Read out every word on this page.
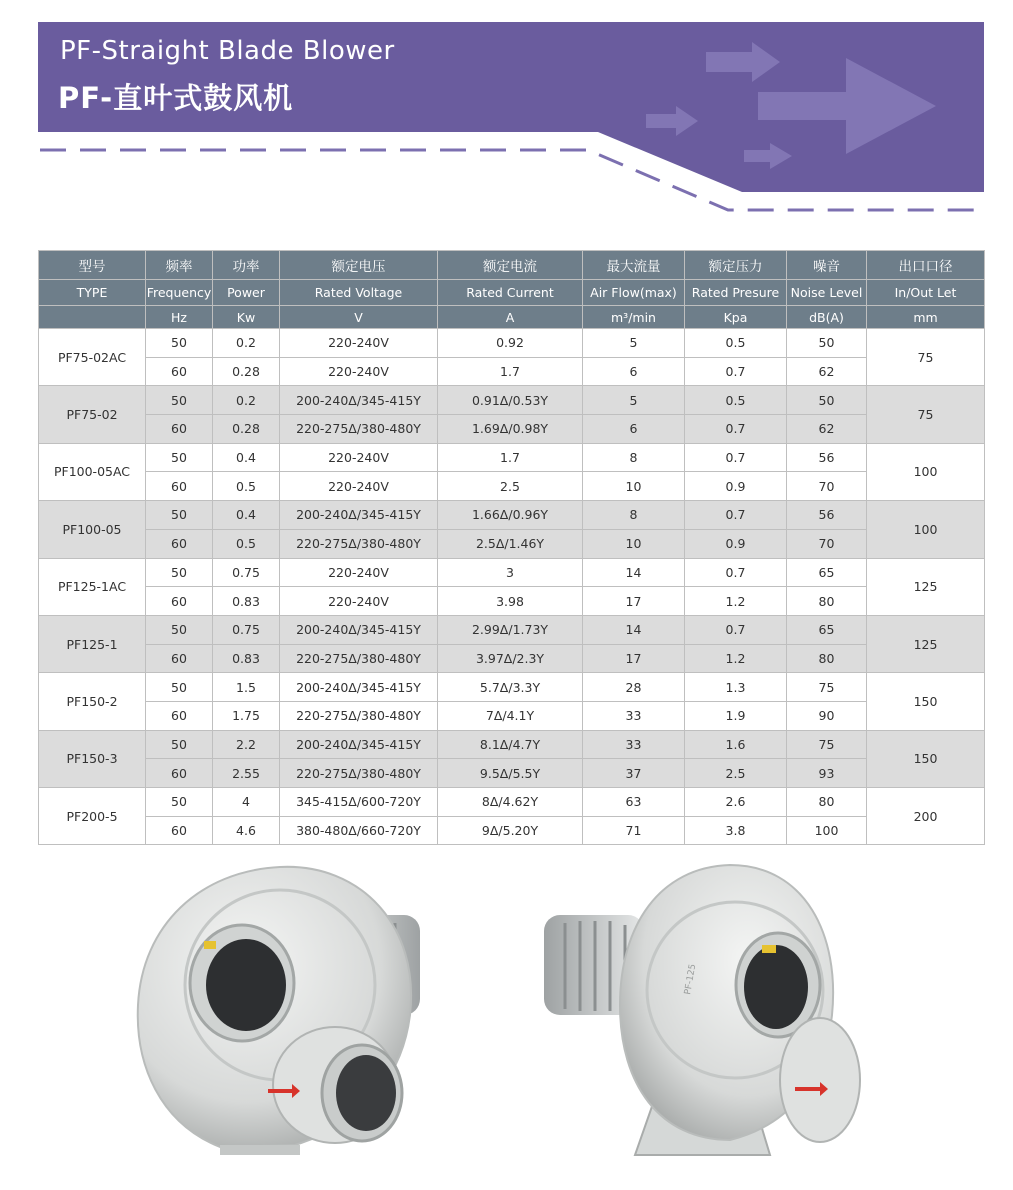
PF-Straight Blade Blower
PF-直叶式鼓风机
型号	频率	功率	额定电压	额定电流	最大流量	额定压力	噪音	出口口径
TYPE	Frequency	Power	Rated Voltage	Rated Current	Air Flow(max)	Rated Presure	Noise Level	In/Out Let
	Hz	Kw	V	A	m³/min	Kpa	dB(A)	mm
PF75-02AC	50	0.2	220-240V	0.92	5	0.5	50	75
	60	0.28	220-240V	1.7	6	0.7	62	
PF75-02	50	0.2	200-240Δ/345-415Y	0.91Δ/0.53Y	5	0.5	50	75
	60	0.28	220-275Δ/380-480Y	1.69Δ/0.98Y	6	0.7	62	
PF100-05AC	50	0.4	220-240V	1.7	8	0.7	56	100
	60	0.5	220-240V	2.5	10	0.9	70	
PF100-05	50	0.4	200-240Δ/345-415Y	1.66Δ/0.96Y	8	0.7	56	100
	60	0.5	220-275Δ/380-480Y	2.5Δ/1.46Y	10	0.9	70	
PF125-1AC	50	0.75	220-240V	3	14	0.7	65	125
	60	0.83	220-240V	3.98	17	1.2	80	
PF125-1	50	0.75	200-240Δ/345-415Y	2.99Δ/1.73Y	14	0.7	65	125
	60	0.83	220-275Δ/380-480Y	3.97Δ/2.3Y	17	1.2	80	
PF150-2	50	1.5	200-240Δ/345-415Y	5.7Δ/3.3Y	28	1.3	75	150
	60	1.75	220-275Δ/380-480Y	7Δ/4.1Y	33	1.9	90	
PF150-3	50	2.2	200-240Δ/345-415Y	8.1Δ/4.7Y	33	1.6	75	150
	60	2.55	220-275Δ/380-480Y	9.5Δ/5.5Y	37	2.5	93	
PF200-5	50	4	345-415Δ/600-720Y	8Δ/4.62Y	63	2.6	80	200
	60	4.6	380-480Δ/660-720Y	9Δ/5.20Y	71	3.8	100	
PF-125
